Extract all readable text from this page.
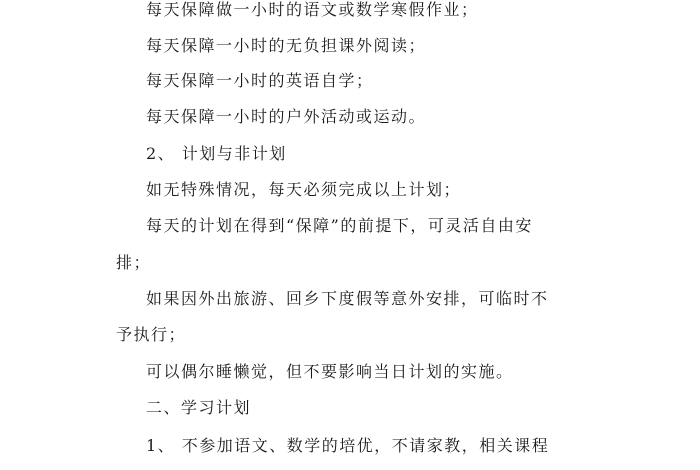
每天保障做一小时的语文或数学寒假作业；
每天保障一小时的无负担课外阅读；
每天保障一小时的英语自学；
每天保障一小时的户外活动或运动。
2、 计划与非计划
如无特殊情况，每天必须完成以上计划；
每天的计划在得到“保障”的前提下，可灵活自由安
排；
如果因外出旅游、回乡下度假等意外安排，可临时不
予执行；
可以偶尔睡懒觉，但不要影响当日计划的实施。
二、学习计划
1、 不参加语文、数学的培优，不请家教，相关课程
